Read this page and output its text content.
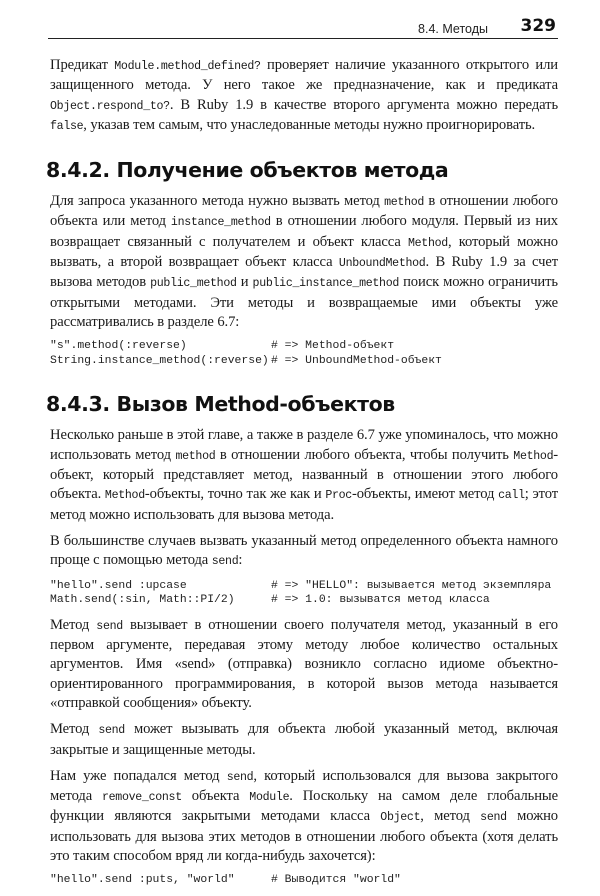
8.4. Методы 329

Предикат Module.method_defined? проверяет наличие указанного открытого или защищенного метода. У него такое же предназначение, как и предиката Object.respond_to?. В Ruby 1.9 в качестве второго аргумента можно передать false, указав тем самым, что унаследованные методы нужно проигнорировать.

8.4.2. Получение объектов метода

Для запроса указанного метода нужно вызвать метод method в отношении любого объекта или метод instance_method в отношении любого модуля. Первый из них возвращает связанный с получателем и объект класса Method, который можно вызвать, а второй возвращает объект класса UnboundMethod. В Ruby 1.9 за счет вызова методов public_method и public_instance_method поиск можно ограничить открытыми методами. Эти методы и возвращаемые ими объекты уже рассматривались в разделе 6.7:

"s".method(:reverse)	# => Method-объект
String.instance_method(:reverse) # => UnboundMethod-объект
8.4.3. Вызов Method-объектов

Несколько раньше в этой главе, а также в разделе 6.7 уже упоминалось, что можно использовать метод method в отношении любого объекта, чтобы получить Method-объект, который представляет метод, названный в отношении этого любого объекта. Method-объекты, точно так же как и Proc-объекты, имеют метод call; этот метод можно использовать для вызова метода.

В большинстве случаев вызвать указанный метод определенного объекта намного проще с помощью метода send:

"hello".send :upcase	# => "HELLO": вызывается метод экземпляра
Math.send(:sin, Math::PI/2)	# => 1.0: вызыватся метод класса

Метод send вызывает в отношении своего получателя метод, указанный в его первом аргументе, передавая этому методу любое количество остальных аргументов. Имя «send» (отправка) возникло согласно идиоме объектно-ориентированного программирования, в которой вызов метода называется «отправкой сообщения» объекту.

Метод send может вызывать для объекта любой указанный метод, включая закрытые и защищенные методы.

Нам уже попадался метод send, который использовался для вызова закрытого метода remove_const объекта Module. Поскольку на самом деле глобальные функции являются закрытыми методами класса Object, метод send можно использовать для вызова этих методов в отношении любого объекта (хотя делать это таким способом вряд ли когда-нибудь захочется):

"hello".send :puts, "world"	# Выводится "world"
